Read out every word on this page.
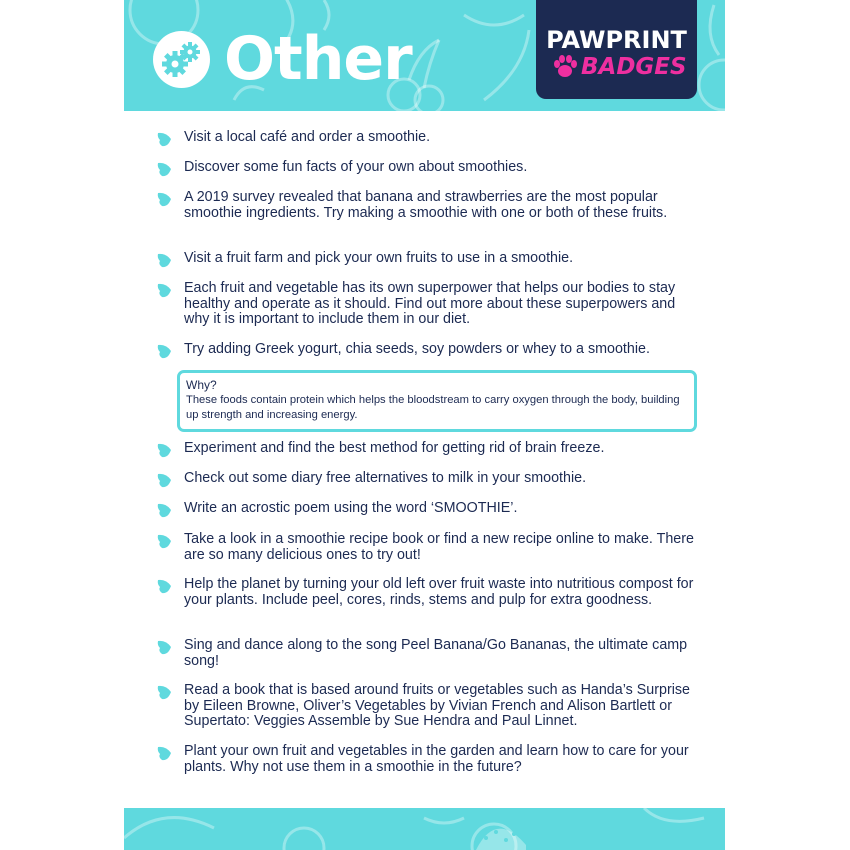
Other	PAWPRINT
BADGES
Visit a local café and order a smoothie.
Discover some fun facts of your own about smoothies.
A 2019 survey revealed that banana and strawberries are the most popular smoothie ingredients. Try making a smoothie with one or both of these fruits.
Visit a fruit farm and pick your own fruits to use in a smoothie.
Each fruit and vegetable has its own superpower that helps our bodies to stay healthy and operate as it should. Find out more about these superpowers and why it is important to include them in our diet.
Try adding Greek yogurt, chia seeds, soy powders or whey to a smoothie.
Experiment and find the best method for getting rid of brain freeze.
Check out some diary free alternatives to milk in your smoothie.
Write an acrostic poem using the word ‘SMOOTHIE’.
Take a look in a smoothie recipe book or find a new recipe online to make. There are so many delicious ones to try out!
Help the planet by turning your old left over fruit waste into nutritious compost for your plants. Include peel, cores, rinds, stems and pulp for extra goodness.
Sing and dance along to the song Peel Banana/Go Bananas, the ultimate camp song!
Read a book that is based around fruits or vegetables such as Handa’s Surprise by Eileen Browne, Oliver’s Vegetables by Vivian French and Alison Bartlett or Supertato: Veggies Assemble by Sue Hendra and Paul Linnet.
Plant your own fruit and vegetables in the garden and learn how to care for your plants. Why not use them in a smoothie in the future?
Why?
These foods contain protein which helps the bloodstream to carry oxygen through the body, building up strength and increasing energy.
